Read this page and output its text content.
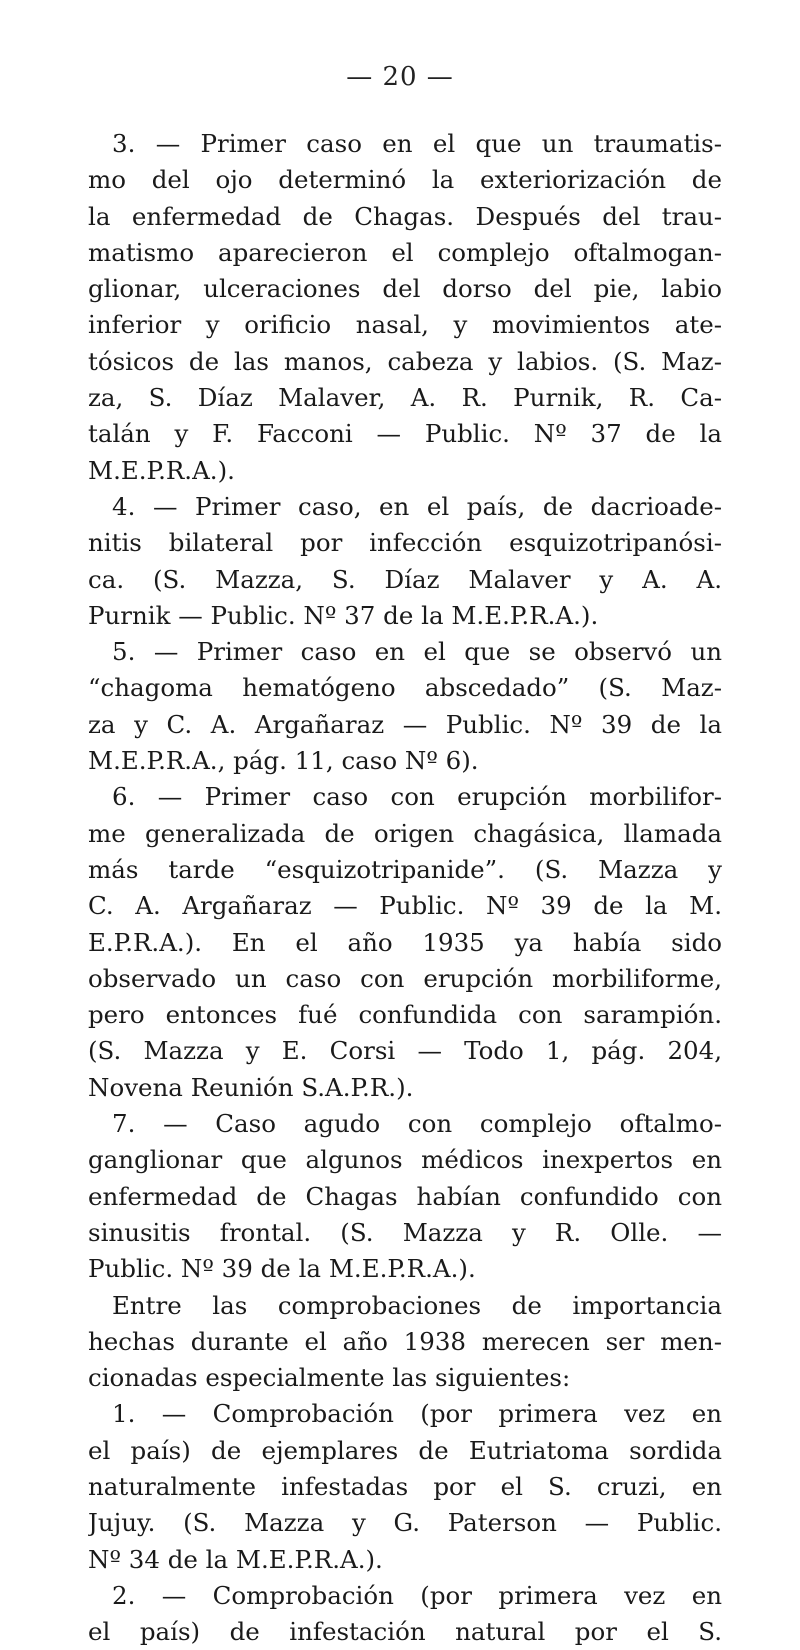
— 20 —
3. — Primer caso en el que un traumatis-
mo del ojo determinó la exteriorización de
la enfermedad de Chagas. Después del trau-
matismo aparecieron el complejo oftalmogan-
glionar, ulceraciones del dorso del pie, labio
inferior y orificio nasal, y movimientos ate-
tósicos de las manos, cabeza y labios. (S. Maz-
za, S. Díaz Malaver, A. R. Purnik, R. Ca-
talán y F. Facconi — Public. Nº 37 de la
M.E.P.R.A.).
4. — Primer caso, en el país, de dacrioade-
nitis bilateral por infección esquizotripanósi-
ca. (S. Mazza, S. Díaz Malaver y A. A.
Purnik — Public. Nº 37 de la M.E.P.R.A.).
5. — Primer caso en el que se observó un
“chagoma hematógeno abscedado” (S. Maz-
za y C. A. Argañaraz — Public. Nº 39 de la
M.E.P.R.A., pág. 11, caso Nº 6).
6. — Primer caso con erupción morbilifor-
me generalizada de origen chagásica, llamada
más tarde “esquizotripanide”. (S. Mazza y
C. A. Argañaraz — Public. Nº 39 de la M.
E.P.R.A.). En el año 1935 ya había sido
observado un caso con erupción morbiliforme,
pero entonces fué confundida con sarampión.
(S. Mazza y E. Corsi — Todo 1, pág. 204,
Novena Reunión S.A.P.R.).
7. — Caso agudo con complejo oftalmo-
ganglionar que algunos médicos inexpertos en
enfermedad de Chagas habían confundido con
sinusitis frontal. (S. Mazza y R. Olle. —
Public. Nº 39 de la M.E.P.R.A.).
Entre las comprobaciones de importancia
hechas durante el año 1938 merecen ser men-
cionadas especialmente las siguientes:
1. — Comprobación (por primera vez en
el país) de ejemplares de Eutriatoma sordida
naturalmente infestadas por el S. cruzi, en
Jujuy. (S. Mazza y G. Paterson — Public.
Nº 34 de la M.E.P.R.A.).
2. — Comprobación (por primera vez en
el país) de infestación natural por el S.
